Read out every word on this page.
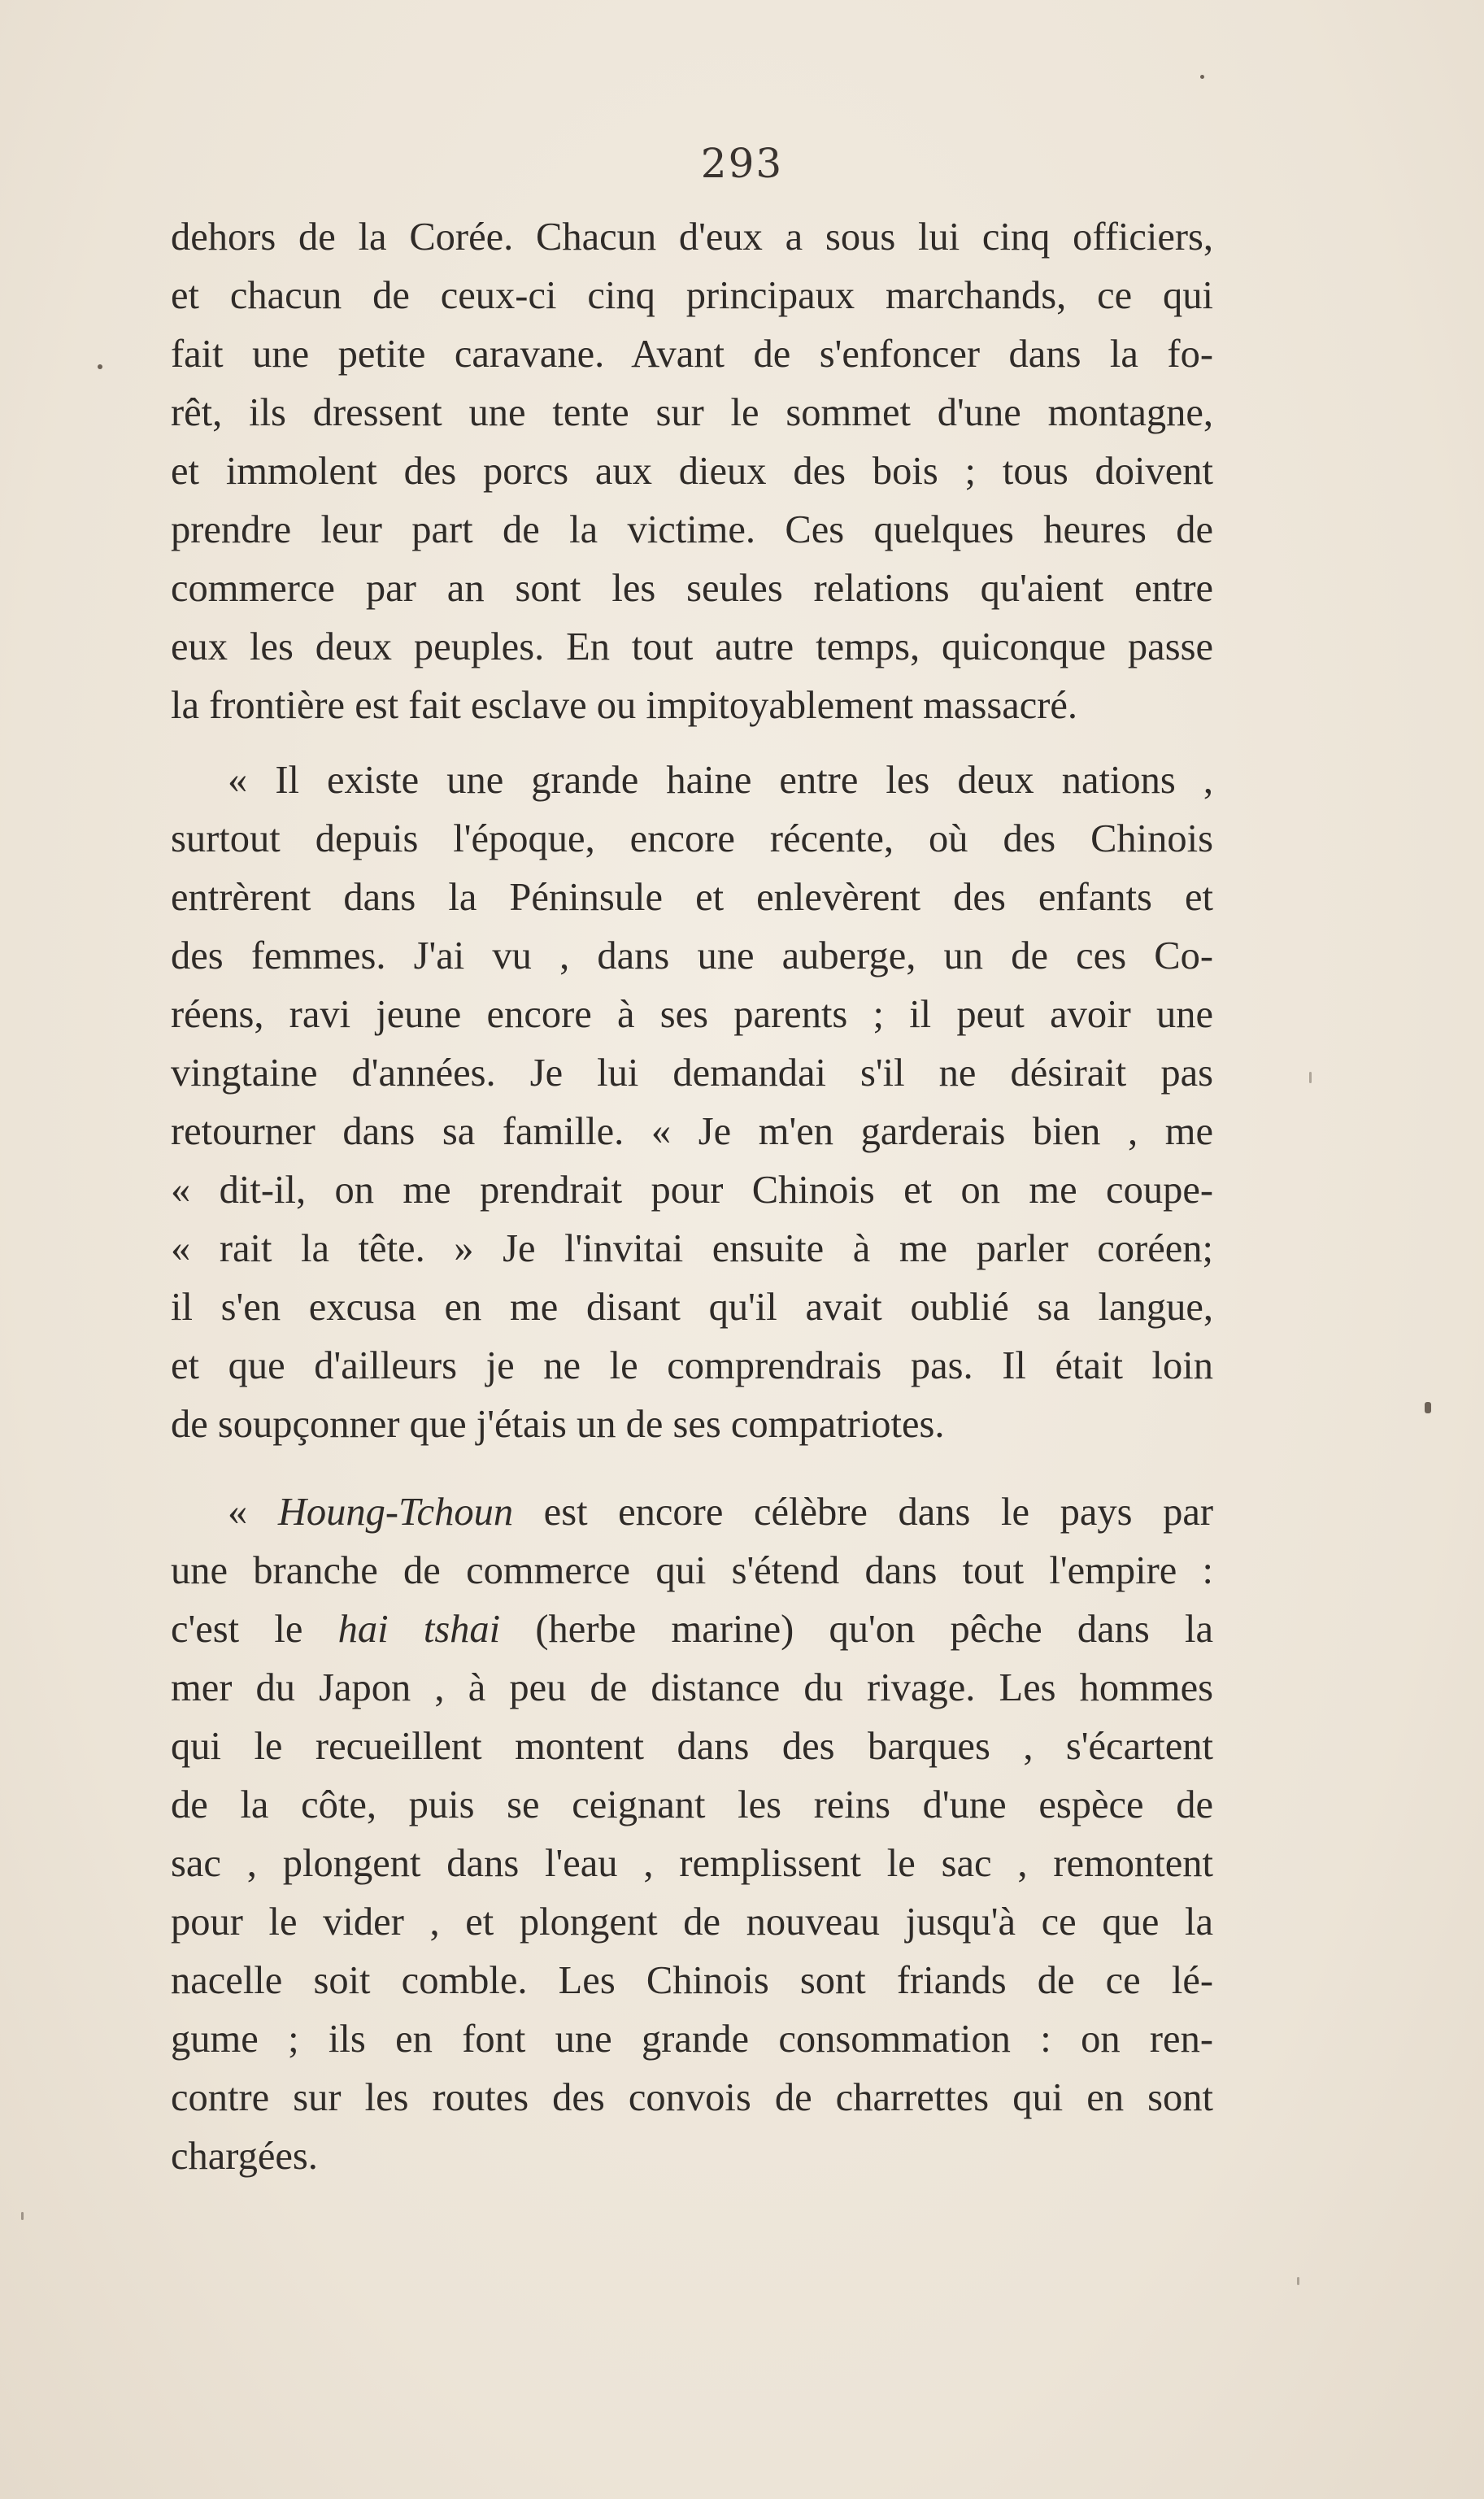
293
dehors de la Corée. Chacun d'eux a sous lui cinq officiers,
et chacun de ceux-ci cinq principaux marchands, ce qui
fait une petite caravane. Avant de s'enfoncer dans la fo-
rêt, ils dressent une tente sur le sommet d'une montagne,
et immolent des porcs aux dieux des bois ; tous doivent
prendre leur part de la victime. Ces quelques heures de
commerce par an sont les seules relations qu'aient entre
eux les deux peuples. En tout autre temps, quiconque passe
la frontière est fait esclave ou impitoyablement massacré.
« Il existe une grande haine entre les deux nations ,
surtout depuis l'époque, encore récente, où des Chinois
entrèrent dans la Péninsule et enlevèrent des enfants et
des femmes. J'ai vu , dans une auberge, un de ces Co-
réens, ravi jeune encore à ses parents ; il peut avoir une
vingtaine d'années. Je lui demandai s'il ne désirait pas
retourner dans sa famille. « Je m'en garderais bien , me
« dit-il, on me prendrait pour Chinois et on me coupe-
« rait la tête. » Je l'invitai ensuite à me parler coréen;
il s'en excusa en me disant qu'il avait oublié sa langue,
et que d'ailleurs je ne le comprendrais pas. Il était loin
de soupçonner que j'étais un de ses compatriotes.
« Houng-Tchoun est encore célèbre dans le pays par
une branche de commerce qui s'étend dans tout l'empire :
c'est le hai tshai (herbe marine) qu'on pêche dans la
mer du Japon , à peu de distance du rivage. Les hommes
qui le recueillent montent dans des barques , s'écartent
de la côte, puis se ceignant les reins d'une espèce de
sac , plongent dans l'eau , remplissent le sac , remontent
pour le vider , et plongent de nouveau jusqu'à ce que la
nacelle soit comble. Les Chinois sont friands de ce lé-
gume ; ils en font une grande consommation : on ren-
contre sur les routes des convois de charrettes qui en sont
chargées.
